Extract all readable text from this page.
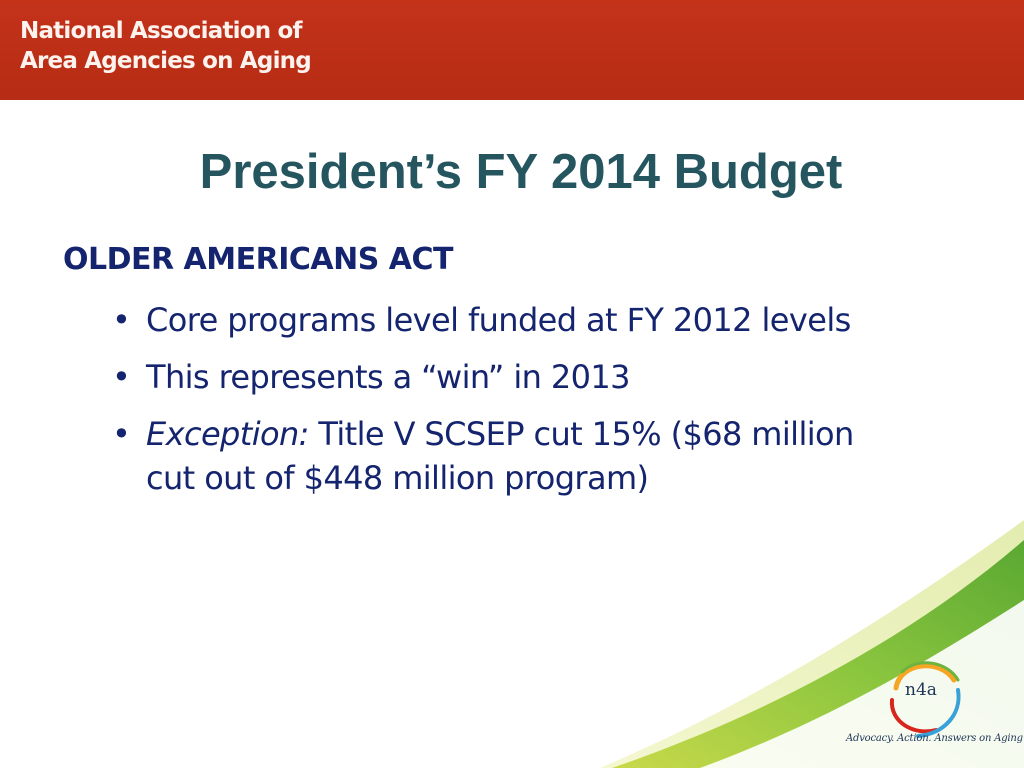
National Association of
Area Agencies on Aging
President’s FY 2014 Budget
OLDER AMERICANS ACT
• Core programs level funded at FY 2012 levels
• This represents a “win” in 2013
• Exception: Title V SCSEP cut 15% ($68 million cut out of $448 million program)
n4a
Advocacy. Action. Answers on Aging
